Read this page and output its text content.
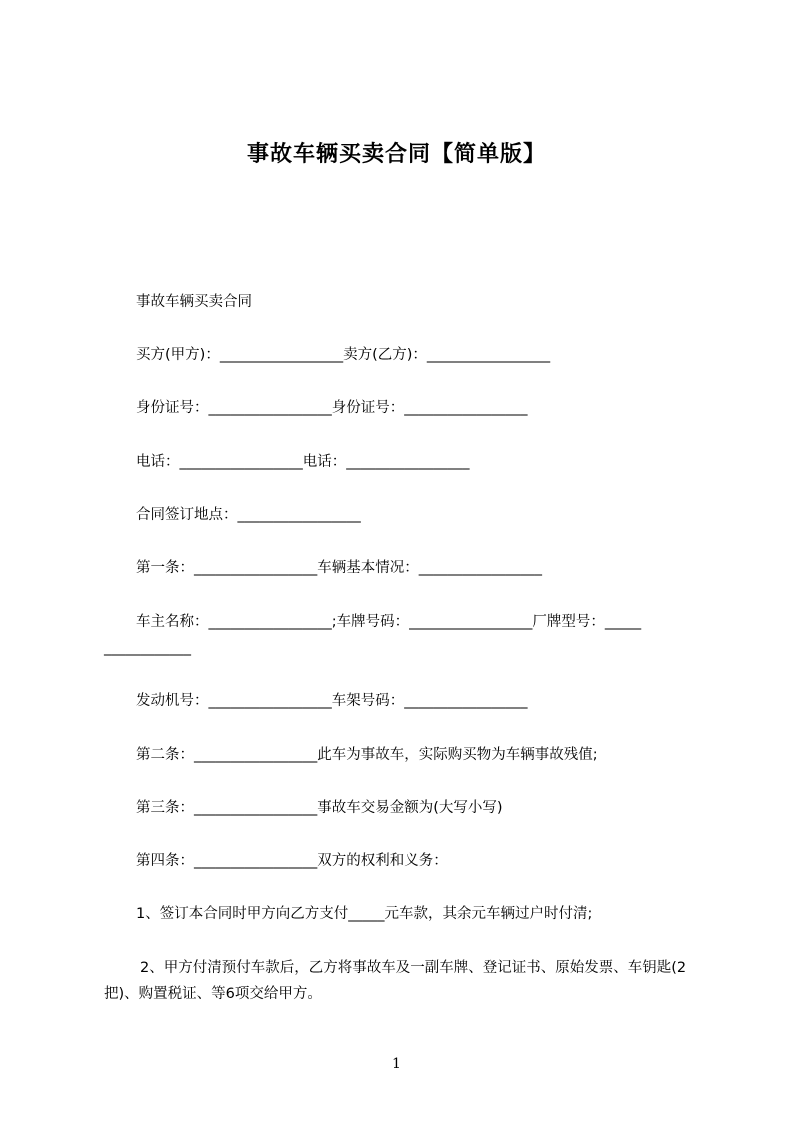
事故车辆买卖合同【简单版】
事故车辆买卖合同
买方(甲方)：_________________卖方(乙方)：_________________
身份证号：_________________身份证号：_________________
电话：_________________电话：_________________
合同签订地点：_________________
第一条：_________________车辆基本情况：_________________
车主名称：_________________;车牌号码：_________________厂牌型号：_____
____________
发动机号：_________________车架号码：_________________
第二条：_________________此车为事故车，实际购买物为车辆事故残值;
第三条：_________________事故车交易金额为(大写小写)
第四条：_________________双方的权利和义务：
1、签订本合同时甲方向乙方支付_____元车款，其余元车辆过户时付清;
2、甲方付清预付车款后，乙方将事故车及一副车牌、登记证书、原始发票、车钥匙(2把)、购置税证、等6项交给甲方。
1
